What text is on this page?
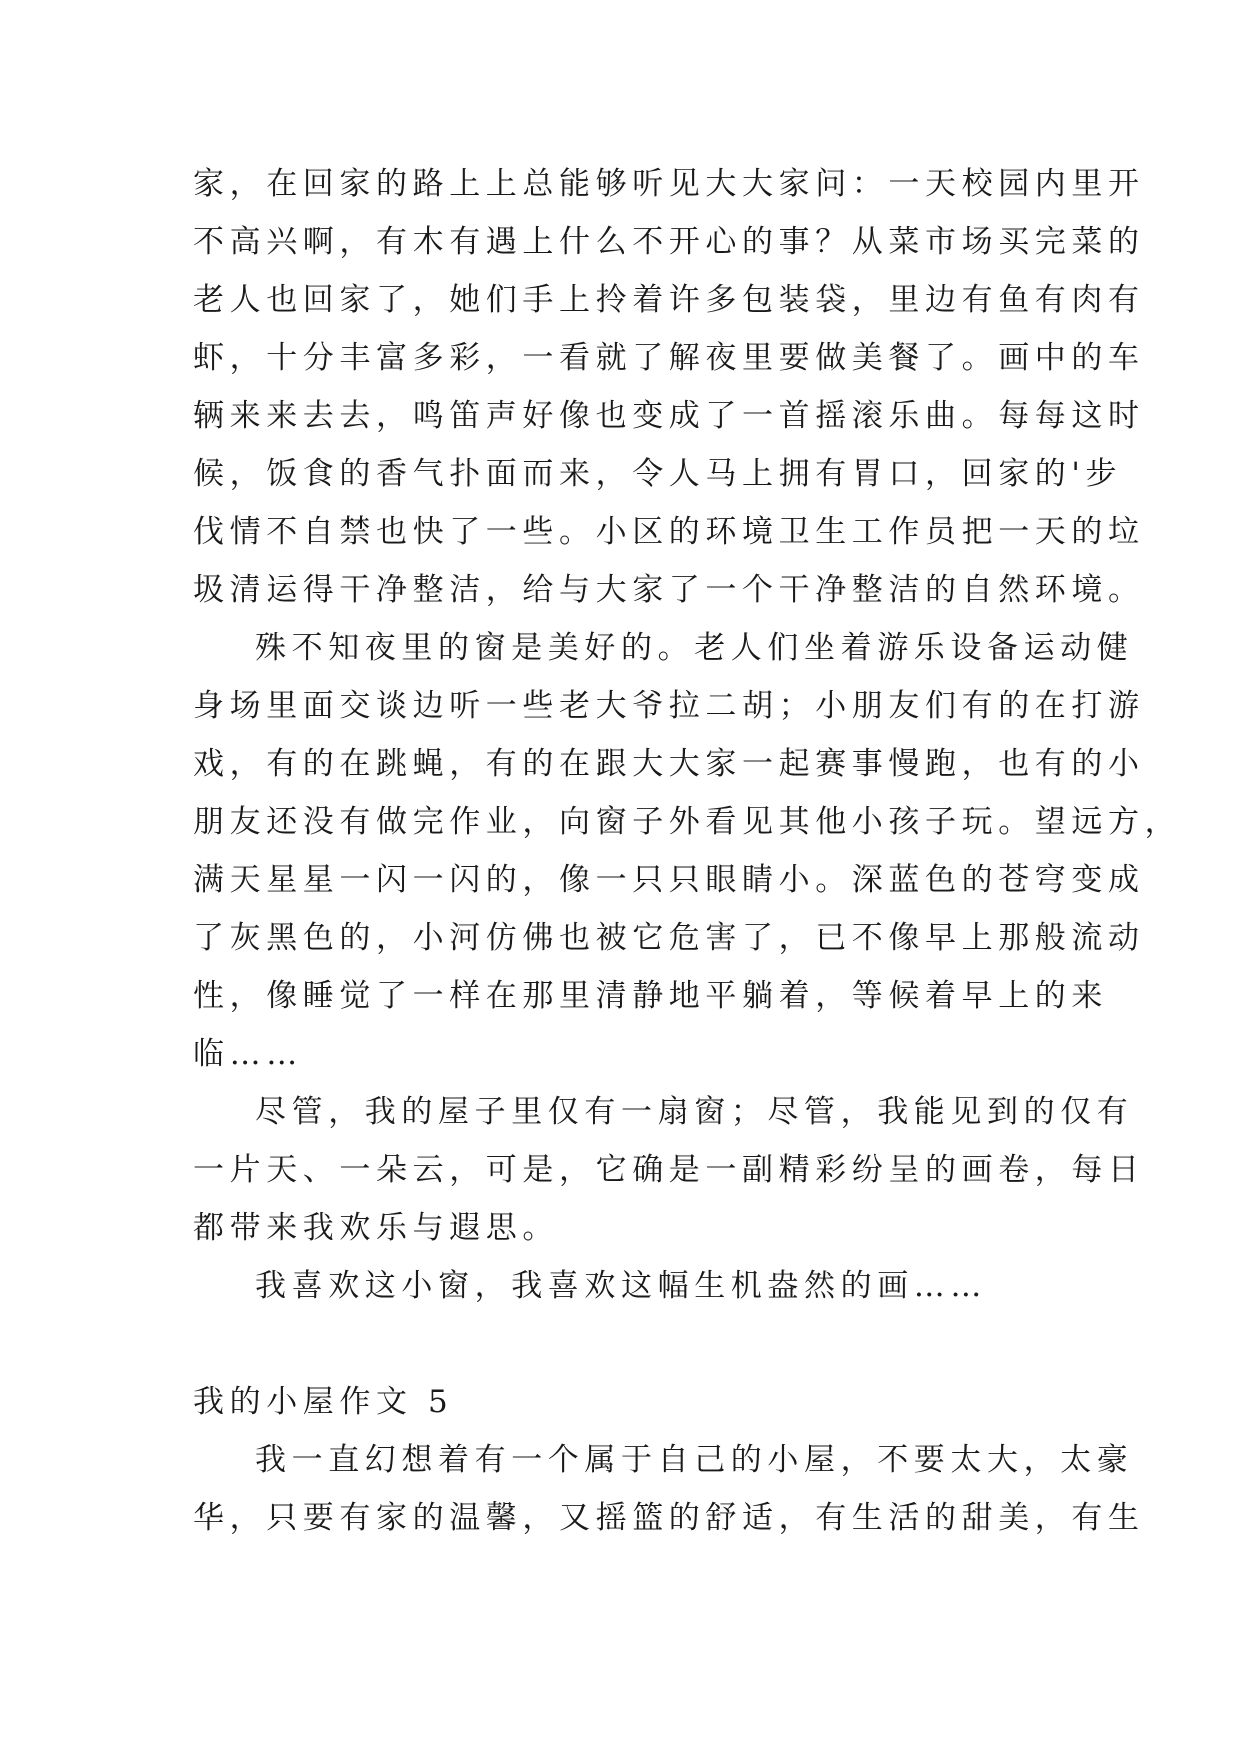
家，在回家的路上上总能够听见大大家问：一天校园内里开
不高兴啊，有木有遇上什么不开心的事？从菜市场买完菜的
老人也回家了，她们手上拎着许多包装袋，里边有鱼有肉有
虾，十分丰富多彩，一看就了解夜里要做美餐了。画中的车
辆来来去去，鸣笛声好像也变成了一首摇滚乐曲。每每这时
候，饭食的香气扑面而来，令人马上拥有胃口，回家的'步
伐情不自禁也快了一些。小区的环境卫生工作员把一天的垃
圾清运得干净整洁，给与大家了一个干净整洁的自然环境。
殊不知夜里的窗是美好的。老人们坐着游乐设备运动健
身场里面交谈边听一些老大爷拉二胡；小朋友们有的在打游
戏，有的在跳蝇，有的在跟大大家一起赛事慢跑，也有的小
朋友还没有做完作业，向窗子外看见其他小孩子玩。望远方，
满天星星一闪一闪的，像一只只眼睛小。深蓝色的苍穹变成
了灰黑色的，小河仿佛也被它危害了，已不像早上那般流动
性，像睡觉了一样在那里清静地平躺着，等候着早上的来
临……
尽管，我的屋子里仅有一扇窗；尽管，我能见到的仅有
一片天、一朵云，可是，它确是一副精彩纷呈的画卷，每日
都带来我欢乐与遐思。
我喜欢这小窗，我喜欢这幅生机盎然的画……
我的小屋作文 5
我一直幻想着有一个属于自己的小屋，不要太大，太豪
华，只要有家的温馨，又摇篮的舒适，有生活的甜美，有生
